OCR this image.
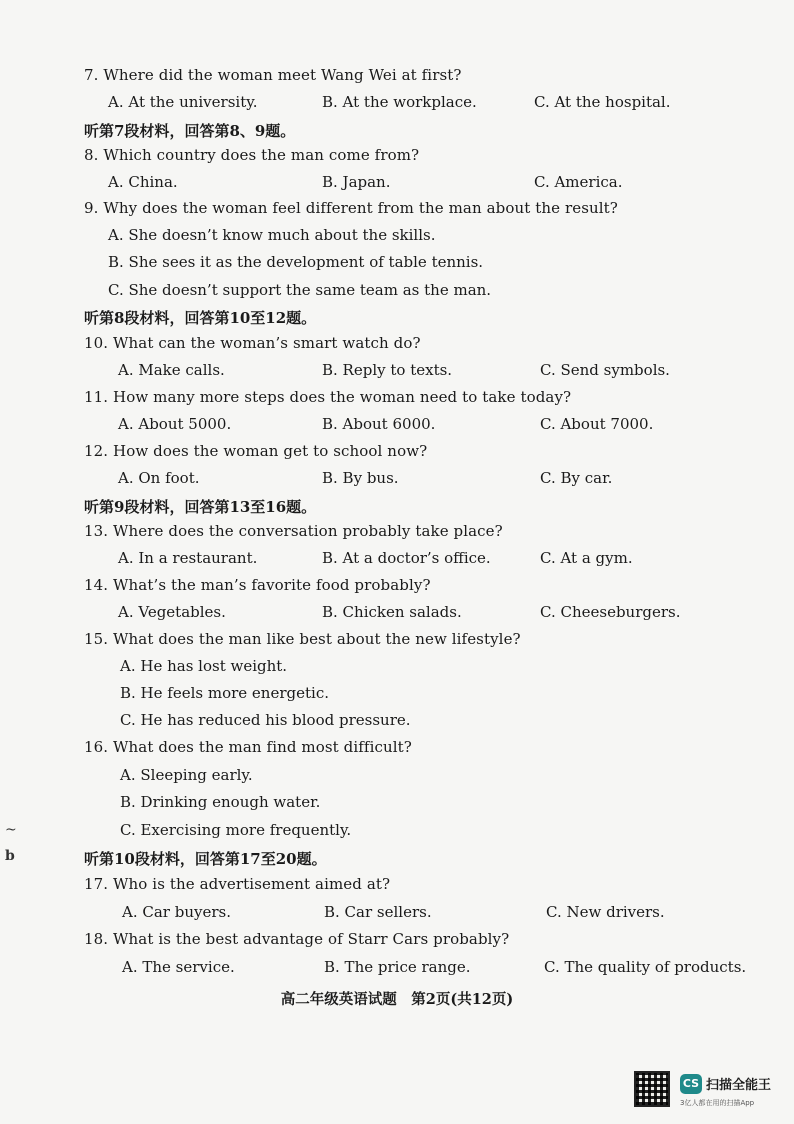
7. Where did the woman meet Wang Wei at first?
A. At the university.	B. At the workplace.	C. At the hospital.
听第7段材料，回答第8、9题。
8. Which country does the man come from?
A. China.	B. Japan.	C. America.
9. Why does the woman feel different from the man about the result?
A. She doesn’t know much about the skills.
B. She sees it as the development of table tennis.
C. She doesn’t support the same team as the man.
听第8段材料，回答第10至12题。
10. What can the woman’s smart watch do?
A. Make calls.	B. Reply to texts.	C. Send symbols.
11. How many more steps does the woman need to take today?
A. About 5000.	B. About 6000.	C. About 7000.
12. How does the woman get to school now?
A. On foot.	B. By bus.	C. By car.
听第9段材料，回答第13至16题。
13. Where does the conversation probably take place?
A. In a restaurant.	B. At a doctor’s office.	C. At a gym.
14. What’s the man’s favorite food probably?
A. Vegetables.	B. Chicken salads.	C. Cheeseburgers.
15. What does the man like best about the new lifestyle?
A. He has lost weight.
B. He feels more energetic.
C. He has reduced his blood pressure.
16. What does the man find most difficult?
A. Sleeping early.
B. Drinking enough water.
C. Exercising more frequently.
~
b	听第10段材料，回答第17至20题。
17. Who is the advertisement aimed at?
A. Car buyers.	B. Car sellers.	C. New drivers.
18. What is the best advantage of Starr Cars probably?
A. The service.	B. The price range.	C. The quality of products.
高二年级英语试题　第2页(共12页)
CS 扫描全能王
3亿人都在用的扫描App
